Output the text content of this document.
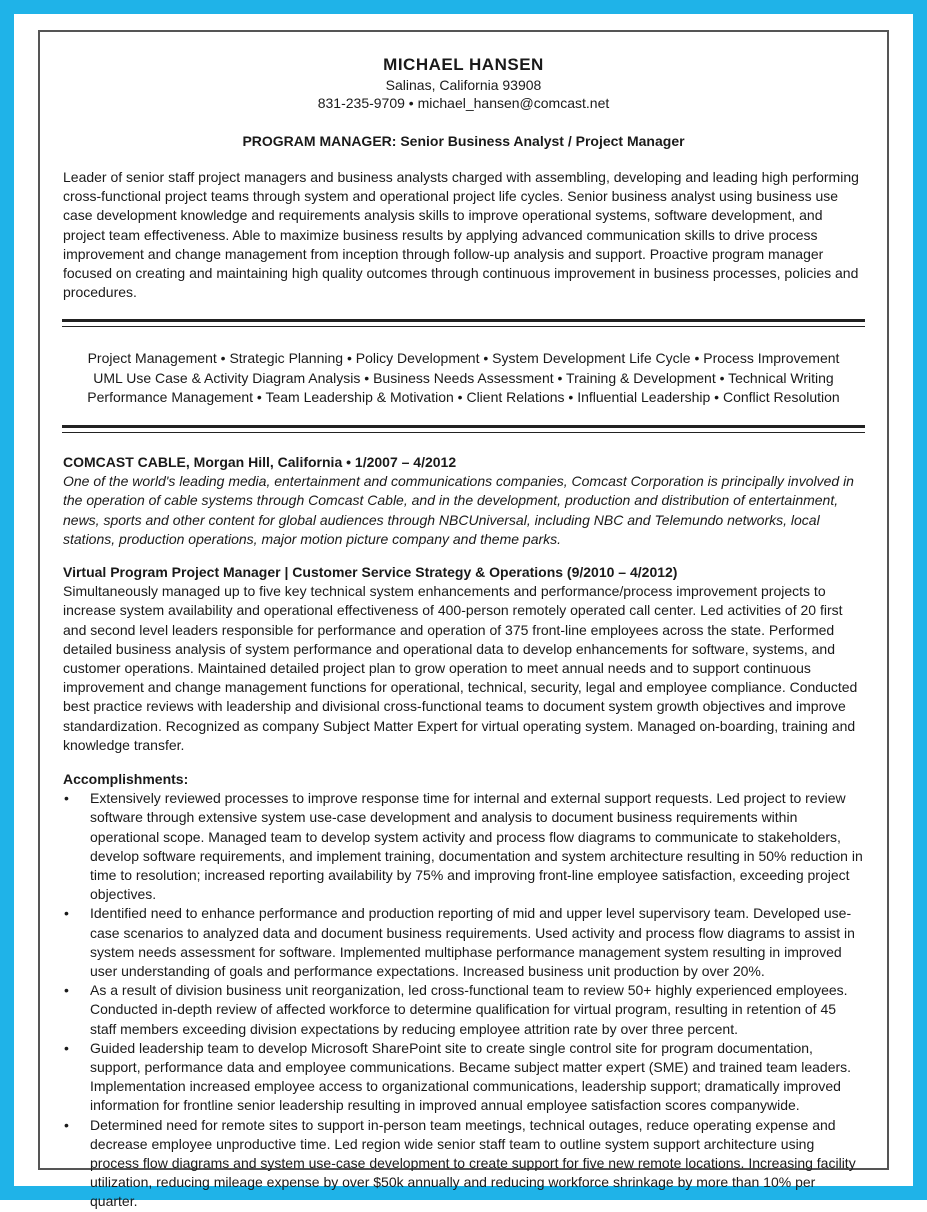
MICHAEL HANSEN
Salinas, California 93908
831-235-9709 • michael_hansen@comcast.net
PROGRAM MANAGER: Senior Business Analyst / Project Manager
Leader of senior staff project managers and business analysts charged with assembling, developing and leading high performing cross-functional project teams through system and operational project life cycles. Senior business analyst using business use case development knowledge and requirements analysis skills to improve operational systems, software development, and project team effectiveness. Able to maximize business results by applying advanced communication skills to drive process improvement and change management from inception through follow-up analysis and support. Proactive program manager focused on creating and maintaining high quality outcomes through continuous improvement in business processes, policies and procedures.
Project Management • Strategic Planning • Policy Development • System Development Life Cycle • Process Improvement
UML Use Case & Activity Diagram Analysis • Business Needs Assessment • Training & Development • Technical Writing
Performance Management • Team Leadership & Motivation • Client Relations • Influential Leadership • Conflict Resolution
COMCAST CABLE, Morgan Hill, California • 1/2007 – 4/2012
One of the world's leading media, entertainment and communications companies, Comcast Corporation is principally involved in the operation of cable systems through Comcast Cable, and in the development, production and distribution of entertainment, news, sports and other content for global audiences through NBCUniversal, including NBC and Telemundo networks, local stations, production operations, major motion picture company and theme parks.
Virtual Program Project Manager | Customer Service Strategy & Operations (9/2010 – 4/2012)
Simultaneously managed up to five key technical system enhancements and performance/process improvement projects to increase system availability and operational effectiveness of 400-person remotely operated call center. Led activities of 20 first and second level leaders responsible for performance and operation of 375 front-line employees across the state. Performed detailed business analysis of system performance and operational data to develop enhancements for software, systems, and customer operations. Maintained detailed project plan to grow operation to meet annual needs and to support continuous improvement and change management functions for operational, technical, security, legal and employee compliance. Conducted best practice reviews with leadership and divisional cross-functional teams to document system growth objectives and improve standardization. Recognized as company Subject Matter Expert for virtual operating system. Managed on-boarding, training and knowledge transfer.
Accomplishments:
• Extensively reviewed processes to improve response time for internal and external support requests. Led project to review software through extensive system use-case development and analysis to document business requirements within operational scope. Managed team to develop system activity and process flow diagrams to communicate to stakeholders, develop software requirements, and implement training, documentation and system architecture resulting in 50% reduction in time to resolution; increased reporting availability by 75% and improving front-line employee satisfaction, exceeding project objectives.
• Identified need to enhance performance and production reporting of mid and upper level supervisory team. Developed use-case scenarios to analyzed data and document business requirements. Used activity and process flow diagrams to assist in system needs assessment for software. Implemented multiphase performance management system resulting in improved user understanding of goals and performance expectations. Increased business unit production by over 20%.
• As a result of division business unit reorganization, led cross-functional team to review 50+ highly experienced employees. Conducted in-depth review of affected workforce to determine qualification for virtual program, resulting in retention of 45 staff members exceeding division expectations by reducing employee attrition rate by over three percent.
• Guided leadership team to develop Microsoft SharePoint site to create single control site for program documentation, support, performance data and employee communications. Became subject matter expert (SME) and trained team leaders. Implementation increased employee access to organizational communications, leadership support; dramatically improved information for frontline senior leadership resulting in improved annual employee satisfaction scores companywide.
• Determined need for remote sites to support in-person team meetings, technical outages, reduce operating expense and decrease employee unproductive time. Led region wide senior staff team to outline system support architecture using process flow diagrams and system use-case development to create support for five new remote locations. Increasing facility utilization, reducing mileage expense by over $50k annually and reducing workforce shrinkage by more than 10% per quarter.
